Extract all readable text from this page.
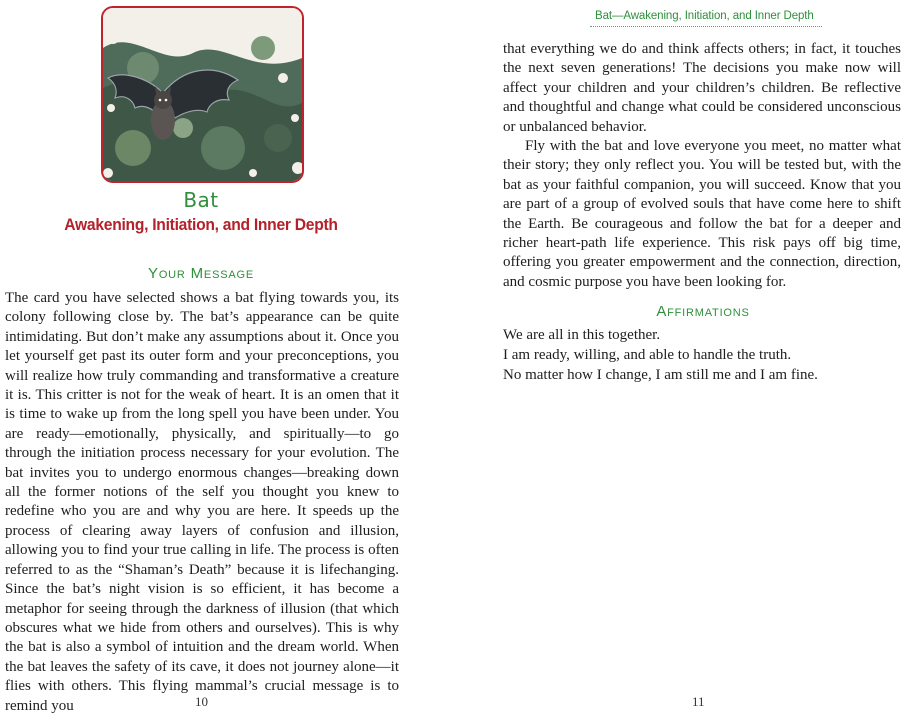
Bat
Awakening, Initiation, and Inner Depth
Your Message

The card you have selected shows a bat flying towards you, its colony following close by. The bat’s appearance can be quite intimidating. But don’t make any assumptions about it. Once you let yourself get past its outer form and your preconceptions, you will realize how truly commanding and transformative a creature it is. This critter is not for the weak of heart. It is an omen that it is time to wake up from the long spell you have been under. You are ready—emotionally, physically, and spiritually—to go through the initiation process necessary for your evolution. The bat invites you to undergo enormous changes—breaking down all the former notions of the self you thought you knew to redefine who you are and why you are here. It speeds up the process of clearing away layers of confusion and illusion, allowing you to find your true calling in life. The process is often referred to as the “Shaman’s Death” because it is lifechanging. Since the bat’s night vision is so efficient, it has become a metaphor for seeing through the darkness of illusion (that which obscures what we hide from others and ourselves). This is why the bat is also a symbol of intuition and the dream world. When the bat leaves the safety of its cave, it does not journey alone—it flies with others. This flying mammal’s crucial message is to remind you	10
Bat—Awakening, Initiation, and Inner Depth

that everything we do and think affects others; in fact, it touches the next seven generations! The decisions you make now will affect your children and your children’s children. Be reflective and thoughtful and change what could be considered unconscious or unbalanced behavior.

Fly with the bat and love everyone you meet, no matter what their story; they only reflect you. You will be tested but, with the bat as your faithful companion, you will succeed. Know that you are part of a group of evolved souls that have come here to shift the Earth. Be courageous and follow the bat for a deeper and richer heart-path life experience. This risk pays off big time, offering you greater empowerment and the connection, direction, and cosmic purpose you have been looking for.

Affirmations
We are all in this together.
I am ready, willing, and able to handle the truth.
No matter how I change, I am still me and I am fine.
11
